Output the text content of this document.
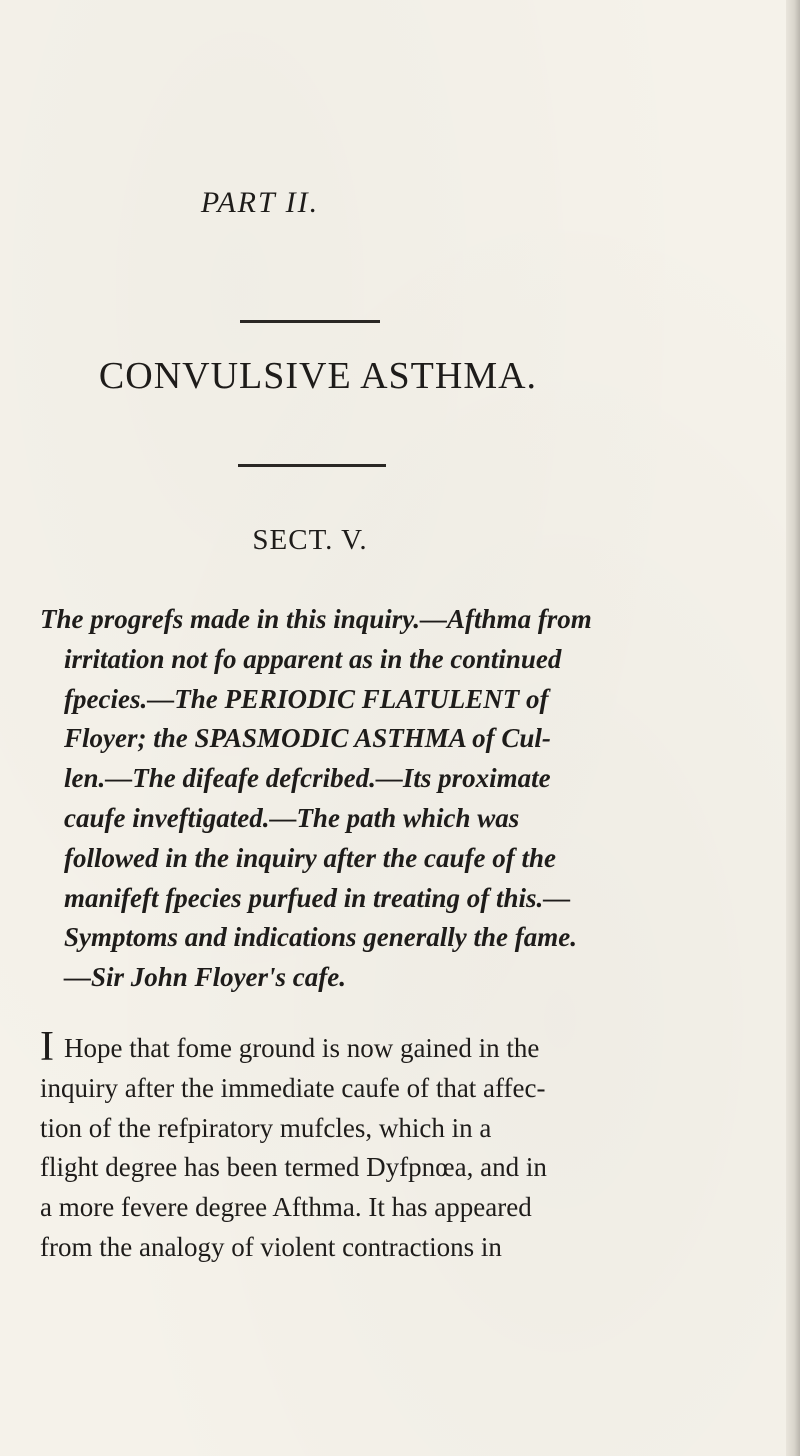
PART II.
CONVULSIVE ASTHMA.
SECT. V.

The progrefs made in this inquiry.—Afthma from
irritation not fo apparent as in the continued
fpecies.—The PERIODIC FLATULENT of
Floyer; the SPASMODIC ASTHMA of Cul-
len.—The difeafe defcribed.—Its proximate
caufe inveftigated.—The path which was
followed in the inquiry after the caufe of the
manifeft fpecies purfued in treating of this.—
Symptoms and indications generally the fame.
—Sir John Floyer's cafe.

I Hope that fome ground is now gained in the
inquiry after the immediate caufe of that affec-
tion of the refpiratory mufcles, which in a
flight degree has been termed Dyfpnœa, and in
a more fevere degree Afthma. It has appeared
from the analogy of violent contractions in
